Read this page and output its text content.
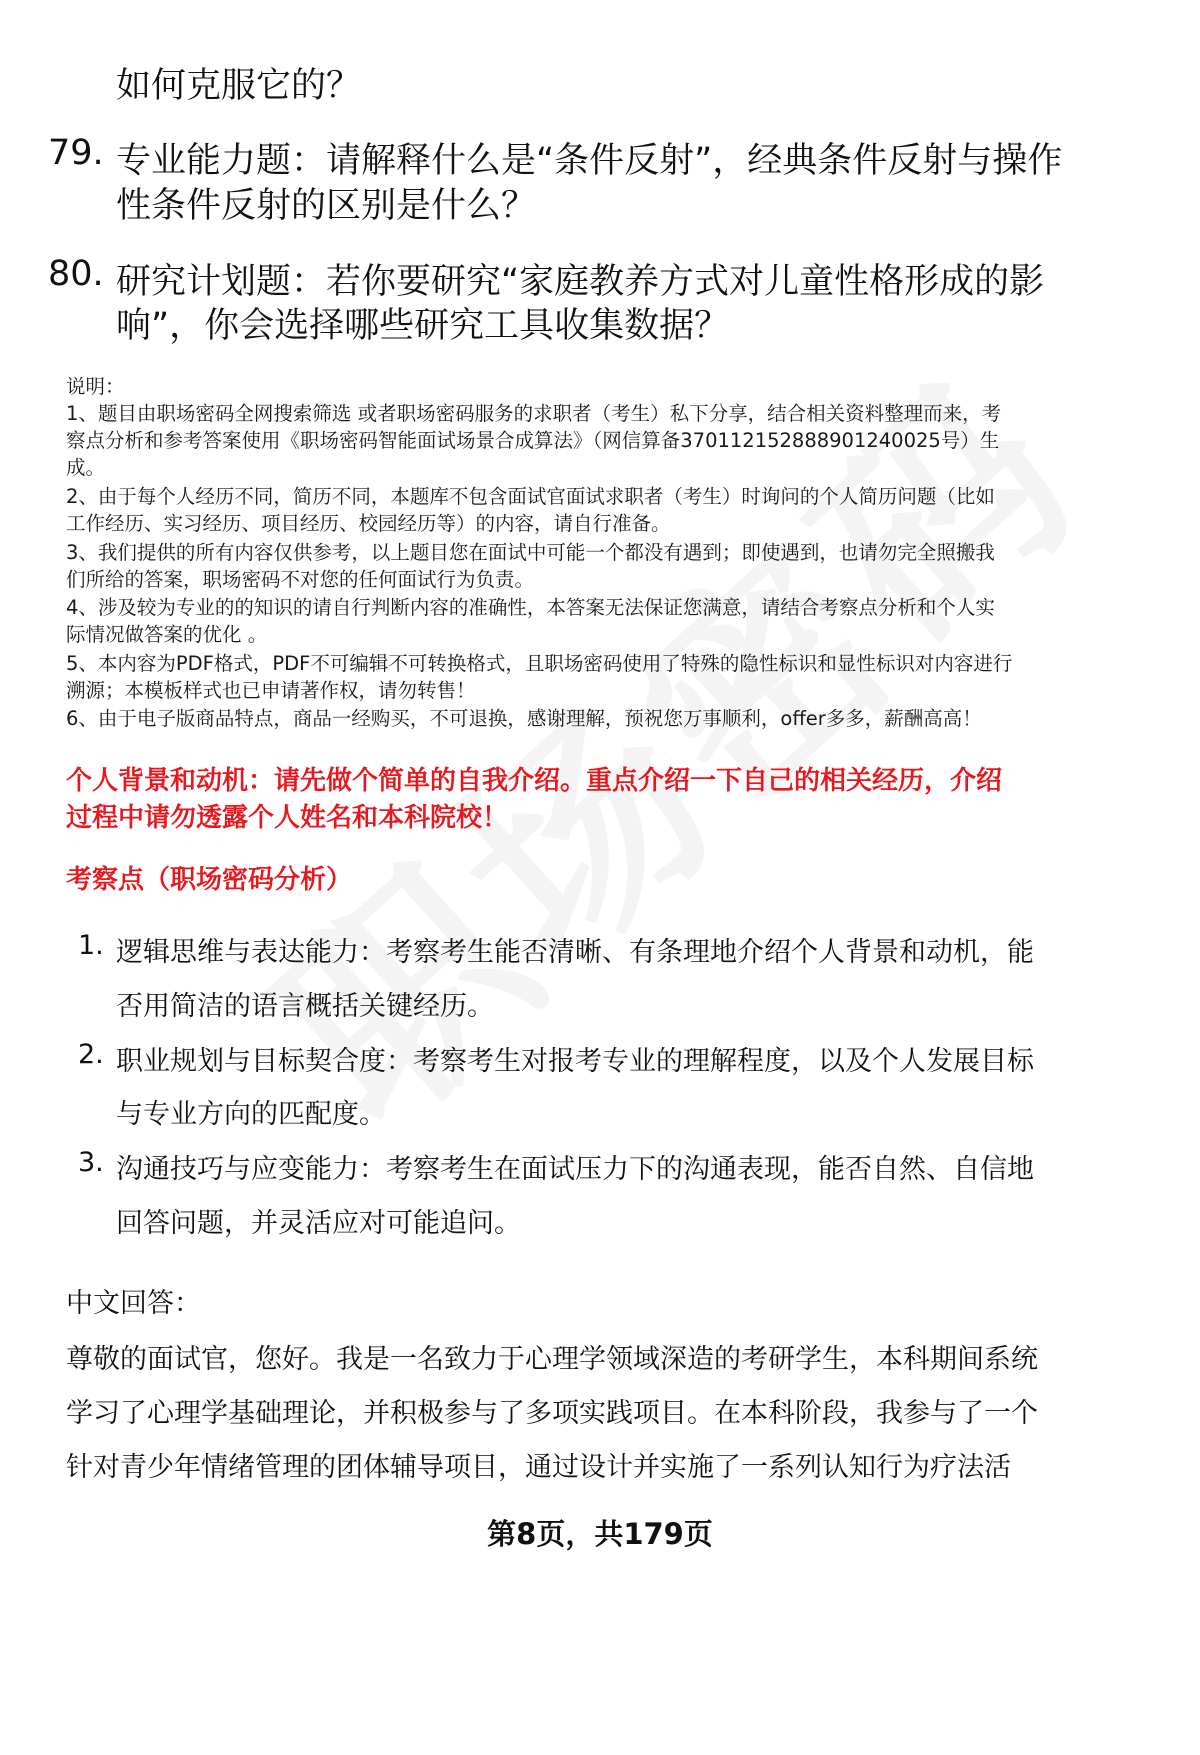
如何克服它的？
79. 专业能力题：请解释什么是“条件反射”，经典条件反射与操作
性条件反射的区别是什么？
80. 研究计划题：若你要研究“家庭教养方式对儿童性格形成的影
响”，你会选择哪些研究工具收集数据？
说明：
1、题目由职场密码全网搜索筛选 或者职场密码服务的求职者（考生）私下分享，结合相关资料整理而来，考
察点分析和参考答案使用《职场密码智能面试场景合成算法》（网信算备370112152888901240025号）生
成。
2、由于每个人经历不同，简历不同，本题库不包含面试官面试求职者（考生）时询问的个人简历问题（比如
工作经历、实习经历、项目经历、校园经历等）的内容，请自行准备。
3、我们提供的所有内容仅供参考，以上题目您在面试中可能一个都没有遇到；即使遇到，也请勿完全照搬我
们所给的答案，职场密码不对您的任何面试行为负责。
4、涉及较为专业的的知识的请自行判断内容的准确性，本答案无法保证您满意，请结合考察点分析和个人实
际情况做答案的优化 。
5、本内容为PDF格式，PDF不可编辑不可转换格式，且职场密码使用了特殊的隐性标识和显性标识对内容进行
溯源；本模板样式也已申请著作权，请勿转售！
6、由于电子版商品特点，商品一经购买，不可退换，感谢理解，预祝您万事顺利，offer多多，薪酬高高！
个人背景和动机：请先做个简单的自我介绍。重点介绍一下自己的相关经历，介绍
过程中请勿透露个人姓名和本科院校！
考察点（职场密码分析）
1. 逻辑思维与表达能力：考察考生能否清晰、有条理地介绍个人背景和动机，能
否用简洁的语言概括关键经历。
2. 职业规划与目标契合度：考察考生对报考专业的理解程度，以及个人发展目标
与专业方向的匹配度。
3. 沟通技巧与应变能力：考察考生在面试压力下的沟通表现，能否自然、自信地
回答问题，并灵活应对可能追问。
中文回答：
尊敬的面试官，您好。我是一名致力于心理学领域深造的考研学生，本科期间系统
学习了心理学基础理论，并积极参与了多项实践项目。在本科阶段，我参与了一个
针对青少年情绪管理的团体辅导项目，通过设计并实施了一系列认知行为疗法活
第8页，共179页
